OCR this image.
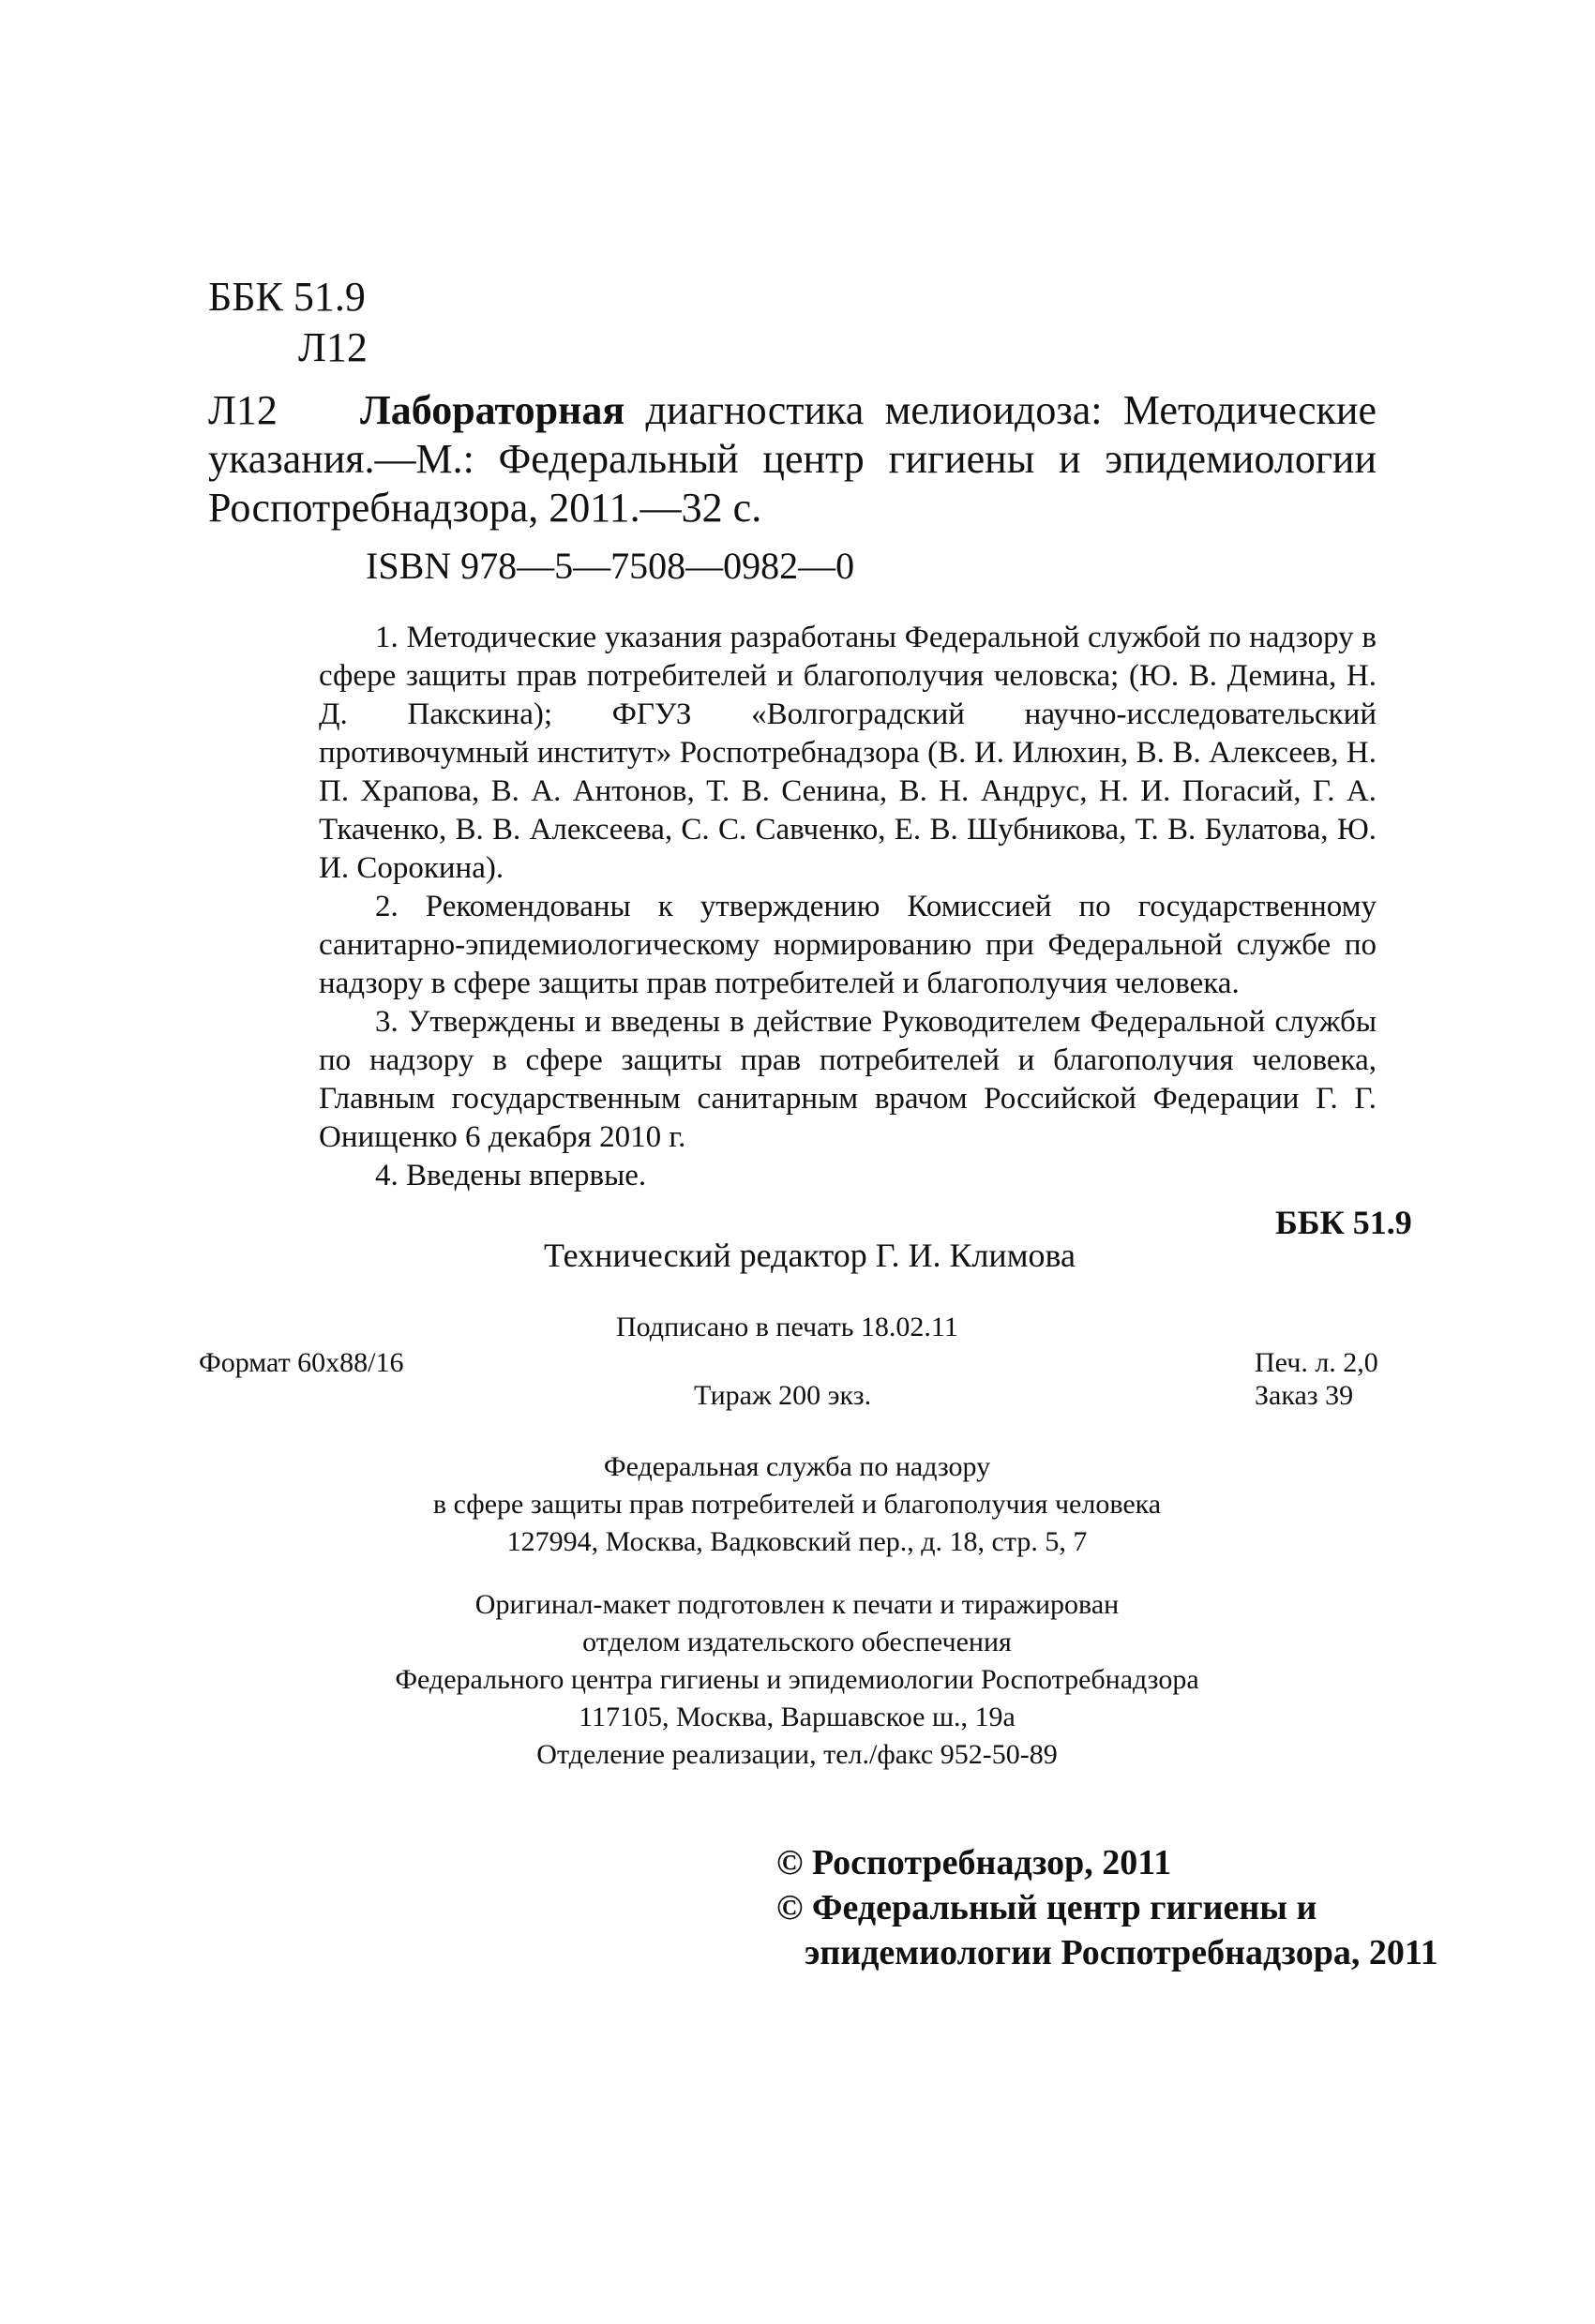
ББК 51.9
Л12
Л12	Лабораторная диагностика мелиоидоза: Методические указания.—М.: Федеральный центр гигиены и эпидемиологии Роспотребнадзора, 2011.—32 с.
ISBN 978—5—7508—0982—0

1. Методические указания разработаны Федеральной службой по надзору в сфере защиты прав потребителей и благополучия человска; (Ю. В. Демина, Н. Д. Пакскина); ФГУЗ «Волгоградский научно-исследовательский противочумный институт» Роспотребнадзора (В. И. Илюхин, В. В. Алексеев, Н. П. Храпова, В. А. Антонов, Т. В. Сенина, В. Н. Андрус, Н. И. Погасий, Г. А. Ткаченко, В. В. Алексеева, С. С. Савченко, Е. В. Шубникова, Т. В. Булатова, Ю. И. Сорокина).

2. Рекомендованы к утверждению Комиссией по государственному санитарно-эпидемиологическому нормированию при Федеральной службе по надзору в сфере защиты прав потребителей и благополучия человека.

3. Утверждены и введены в действие Руководителем Федеральной службы по надзору в сфере защиты прав потребителей и благополучия человека, Главным государственным санитарным врачом Российской Федерации Г. Г. Онищенко 6 декабря 2010 г.

4. Введены впервые.

ББК 51.9
Технический редактор Г. И. Климова
Подписано в печать 18.02.11
Формат 60х88/16	Печ. л. 2,0
Тираж 200 экз.	Заказ 39
Федеральная служба по надзору
в сфере защиты прав потребителей и благополучия человека
127994, Москва, Вадковский пер., д. 18, стр. 5, 7
Оригинал-макет подготовлен к печати и тиражирован
отделом издательского обеспечения
Федерального центра гигиены и эпидемиологии Роспотребнадзора
117105, Москва, Варшавское ш., 19а
Отделение реализации, тел./факс 952-50-89
© Роспотребнадзор, 2011
© Федеральный центр гигиены и
эпидемиологии Роспотребнадзора, 2011
